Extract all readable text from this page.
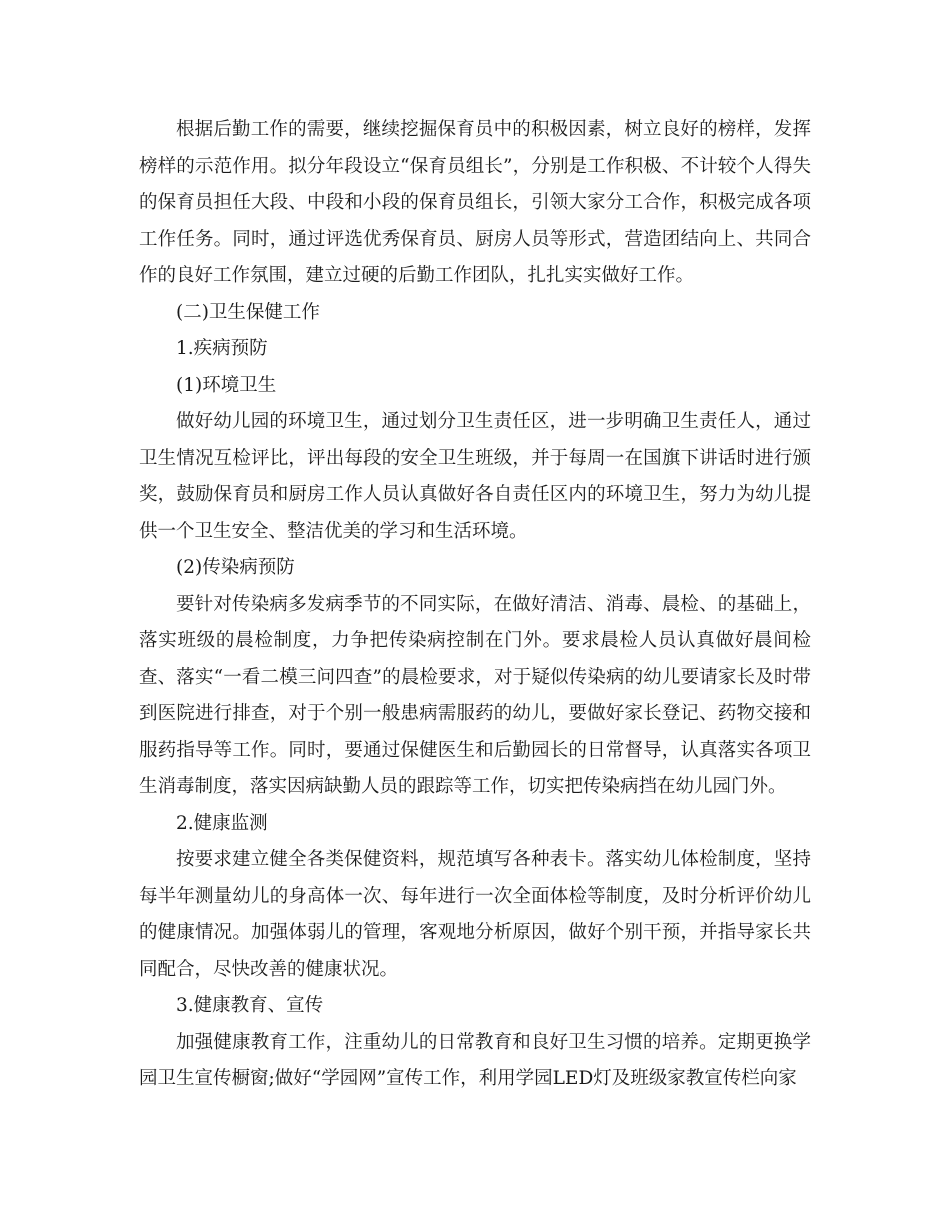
根据后勤工作的需要，继续挖掘保育员中的积极因素，树立良好的榜样，发挥榜样的示范作用。拟分年段设立“保育员组长”，分别是工作积极、不计较个人得失的保育员担任大段、中段和小段的保育员组长，引领大家分工合作，积极完成各项工作任务。同时，通过评选优秀保育员、厨房人员等形式，营造团结向上、共同合作的良好工作氛围，建立过硬的后勤工作团队，扎扎实实做好工作。

(二)卫生保健工作

1.疾病预防

(1)环境卫生

做好幼儿园的环境卫生，通过划分卫生责任区，进一步明确卫生责任人，通过卫生情况互检评比，评出每段的安全卫生班级，并于每周一在国旗下讲话时进行颁奖，鼓励保育员和厨房工作人员认真做好各自责任区内的环境卫生，努力为幼儿提供一个卫生安全、整洁优美的学习和生活环境。

(2)传染病预防

要针对传染病多发病季节的不同实际，在做好清洁、消毒、晨检、的基础上，落实班级的晨检制度，力争把传染病控制在门外。要求晨检人员认真做好晨间检查、落实“一看二模三问四查”的晨检要求，对于疑似传染病的幼儿要请家长及时带到医院进行排查，对于个别一般患病需服药的幼儿，要做好家长登记、药物交接和服药指导等工作。同时，要通过保健医生和后勤园长的日常督导，认真落实各项卫生消毒制度，落实因病缺勤人员的跟踪等工作，切实把传染病挡在幼儿园门外。

2.健康监测

按要求建立健全各类保健资料，规范填写各种表卡。落实幼儿体检制度，坚持每半年测量幼儿的身高体一次、每年进行一次全面体检等制度，及时分析评价幼儿的健康情况。加强体弱儿的管理，客观地分析原因，做好个别干预，并指导家长共同配合，尽快改善的健康状况。

3.健康教育、宣传

加强健康教育工作，注重幼儿的日常教育和良好卫生习惯的培养。定期更换学园卫生宣传橱窗;做好“学园网”宣传工作，利用学园LED灯及班级家教宣传栏向家
